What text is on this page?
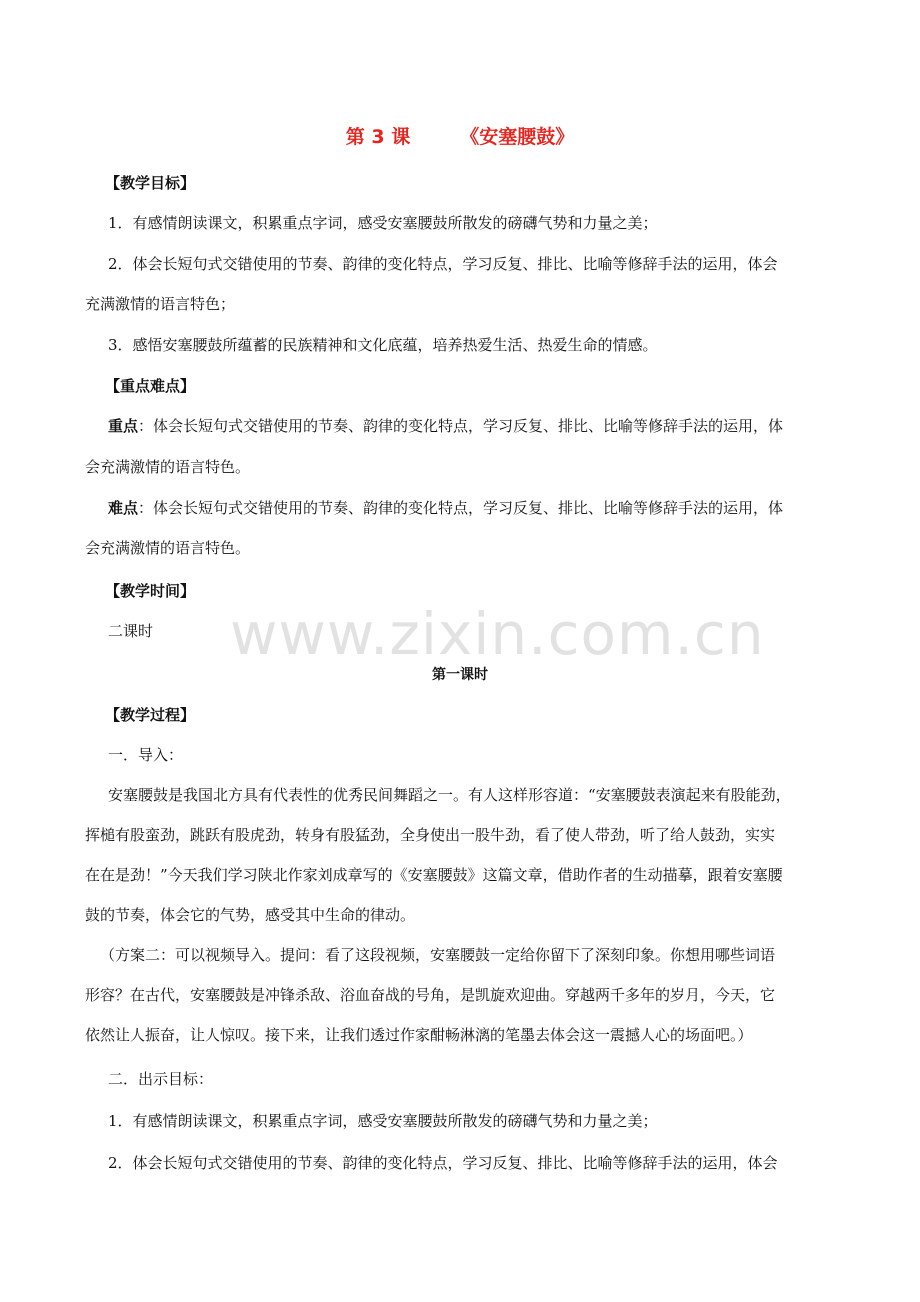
第 3 课	《安塞腰鼓》
【教学目标】
1．有感情朗读课文，积累重点字词，感受安塞腰鼓所散发的磅礴气势和力量之美；
2．体会长短句式交错使用的节奏、韵律的变化特点，学习反复、排比、比喻等修辞手法的运用，体会
充满激情的语言特色；
3．感悟安塞腰鼓所蕴蓄的民族精神和文化底蕴，培养热爱生活、热爱生命的情感。
【重点难点】
重点：体会长短句式交错使用的节奏、韵律的变化特点，学习反复、排比、比喻等修辞手法的运用，体
会充满激情的语言特色。
难点：体会长短句式交错使用的节奏、韵律的变化特点，学习反复、排比、比喻等修辞手法的运用，体
会充满激情的语言特色。
【教学时间】
二课时 www.zixin.com.cn
第一课时
【教学过程】
一．导入：
安塞腰鼓是我国北方具有代表性的优秀民间舞蹈之一。有人这样形容道：“安塞腰鼓表演起来有股能劲，
挥槌有股蛮劲，跳跃有股虎劲，转身有股猛劲，全身使出一股牛劲，看了使人带劲，听了给人鼓劲，实实
在在是劲！”今天我们学习陕北作家刘成章写的《安塞腰鼓》这篇文章，借助作者的生动描摹，跟着安塞腰
鼓的节奏，体会它的气势，感受其中生命的律动。
（方案二：可以视频导入。提问：看了这段视频，安塞腰鼓一定给你留下了深刻印象。你想用哪些词语
形容？在古代，安塞腰鼓是冲锋杀敌、浴血奋战的号角，是凯旋欢迎曲。穿越两千多年的岁月，今天，它
依然让人振奋，让人惊叹。接下来，让我们透过作家酣畅淋漓的笔墨去体会这一震撼人心的场面吧。）
二．出示目标：
1．有感情朗读课文，积累重点字词，感受安塞腰鼓所散发的磅礴气势和力量之美；
2．体会长短句式交错使用的节奏、韵律的变化特点，学习反复、排比、比喻等修辞手法的运用，体会
